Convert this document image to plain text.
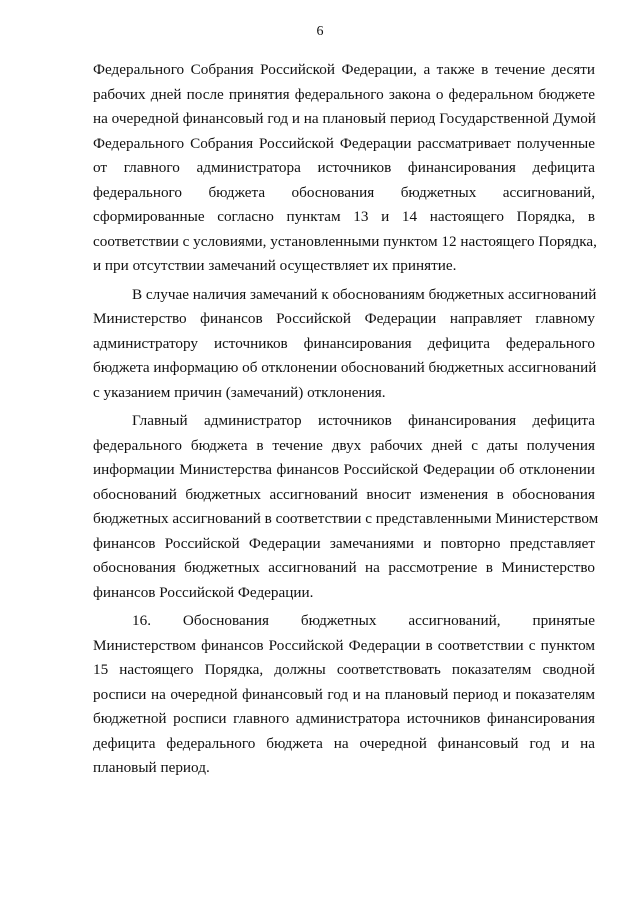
6
Федерального Собрания Российской Федерации, а также в течение десяти
рабочих дней после принятия федерального закона о федеральном бюджете
на очередной финансовый год и на плановый период Государственной Думой
Федерального Собрания Российской Федерации рассматривает полученные
от главного администратора источников финансирования дефицита
федерального бюджета обоснования бюджетных ассигнований,
сформированные согласно пунктам 13 и 14 настоящего Порядка, в
соответствии с условиями, установленными пунктом 12 настоящего Порядка,
и при отсутствии замечаний осуществляет их принятие.
В случае наличия замечаний к обоснованиям бюджетных ассигнований
Министерство финансов Российской Федерации направляет главному
администратору источников финансирования дефицита федерального
бюджета информацию об отклонении обоснований бюджетных ассигнований
с указанием причин (замечаний) отклонения.
Главный администратор источников финансирования дефицита
федерального бюджета в течение двух рабочих дней с даты получения
информации Министерства финансов Российской Федерации об отклонении
обоснований бюджетных ассигнований вносит изменения в обоснования
бюджетных ассигнований в соответствии с представленными Министерством
финансов Российской Федерации замечаниями и повторно представляет
обоснования бюджетных ассигнований на рассмотрение в Министерство
финансов Российской Федерации.
16. Обоснования бюджетных ассигнований, принятые
Министерством финансов Российской Федерации в соответствии с пунктом
15 настоящего Порядка, должны соответствовать показателям сводной
росписи на очередной финансовый год и на плановый период и показателям
бюджетной росписи главного администратора источников финансирования
дефицита федерального бюджета на очередной финансовый год и на
плановый период.
